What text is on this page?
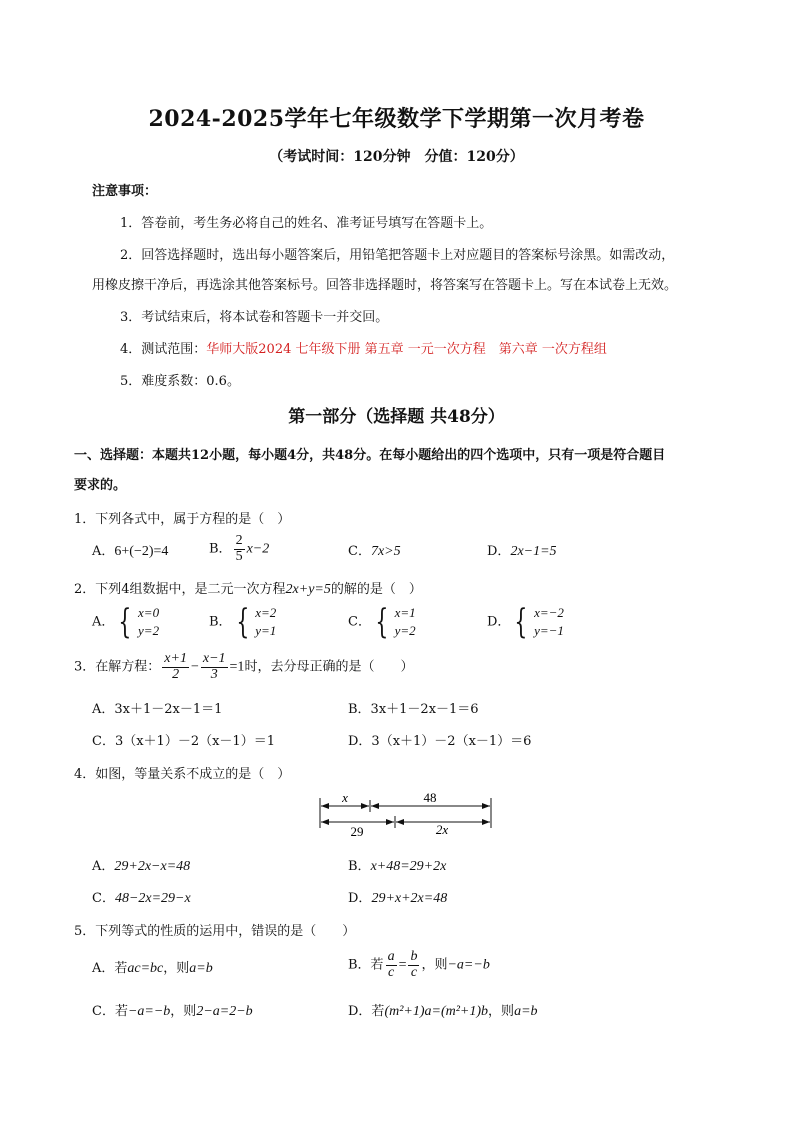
2024-2025学年七年级数学下学期第一次月考卷
（考试时间：120分钟　分值：120分）
注意事项：
1．答卷前，考生务必将自己的姓名、准考证号填写在答题卡上。
2．回答选择题时，选出每小题答案后，用铅笔把答题卡上对应题目的答案标号涂黑。如需改动，
用橡皮擦干净后，再选涂其他答案标号。回答非选择题时，将答案写在答题卡上。写在本试卷上无效。
3．考试结束后，将本试卷和答题卡一并交回。
4．测试范围：华师大版2024 七年级下册 第五章 一元一次方程　第六章 一次方程组
5．难度系数：0.6。
第一部分（选择题 共48分）
一、选择题：本题共12小题，每小题4分，共48分。在每小题给出的四个选项中，只有一项是符合题目
要求的。
1．下列各式中，属于方程的是（　）
A．6+(−2)=4	B． $\frac{2}{5} x-2$	C．7x>5	D．2x−1=5
2．下列4组数据中，是二元一次方程2x+y=5的解的是（　）
A． { x=0
y=2
B． { x=2
y=1
C． { x=1
y=2
D． { x=−2
y=−1
3．在解方程： $\frac{x+1}{2} - \frac{x-1}{3} =1$时，去分母正确的是（　　）
A．3x＋1－2x－1＝1	B．3x＋1－2x－1＝6
C．3（x＋1）－2（x－1）＝1	D．3（x＋1）－2（x－1）＝6
4．如图，等量关系不成立的是（　）
x	48
29	2x
A．29+2x−x=48	B．x+48=29+2x
C．48−2x=29−x	D．29+x+2x=48
5．下列等式的性质的运用中，错误的是（　　）
A．若ac=bc，则a=b	B．若 $\frac{a}{c} = \frac{b}{c}$ ，则−a=−b
C．若−a=−b，则2−a=2−b	D．若(m²+1)a=(m²+1)b，则a=b
